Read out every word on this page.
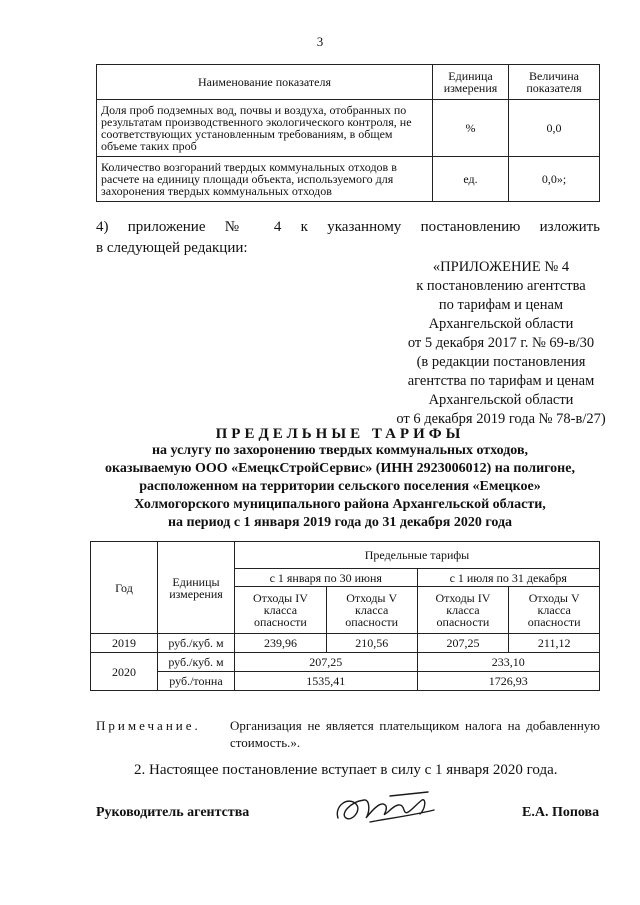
3
Наименование показателя	Единица измерения	Величина показателя
Доля проб подземных вод, почвы и воздуха, отобранных по результатам производственного экологического контроля, не соответствующих установленным требованиям, в общем объеме таких проб	%	0,0
Количество возгораний твердых коммунальных отходов в расчете на единицу площади объекта, используемого для захоронения твердых коммунальных отходов	ед.	0,0»;
4) приложение № 4 к указанному постановлению изложить
в следующей редакции:
«ПРИЛОЖЕНИЕ № 4
к постановлению агентства
по тарифам и ценам
Архангельской области
от 5 декабря 2017 г. № 69-в/30
(в редакции постановления
агентства по тарифам и ценам
Архангельской области
от 6 декабря 2019 года № 78-в/27)
ПРЕДЕЛЬНЫЕ ТАРИФЫ
на услугу по захоронению твердых коммунальных отходов,
оказываемую ООО «ЕмецкСтройСервис» (ИНН 2923006012) на полигоне,
расположенном на территории сельского поселения «Емецкое»
Холмогорского муниципального района Архангельской области,
на период с 1 января 2019 года до 31 декабря 2020 года
Год	Единицы измерения	Предельные тарифы			
		с 1 января по 30 июня		с 1 июля по 31 декабря	
		Отходы IV класса опасности	Отходы V класса опасности	Отходы IV класса опасности	Отходы V класса опасности
2019	руб./куб. м	239,96	210,56	207,25	211,12
2020	руб./куб. м	207,25		233,10	
	руб./тонна	1535,41		1726,93	
Примечание. Организация не является плательщиком налога на добавленную стоимость.».
2. Настоящее постановление вступает в силу с 1 января 2020 года.
Руководитель агентства	Е.А. Попова
